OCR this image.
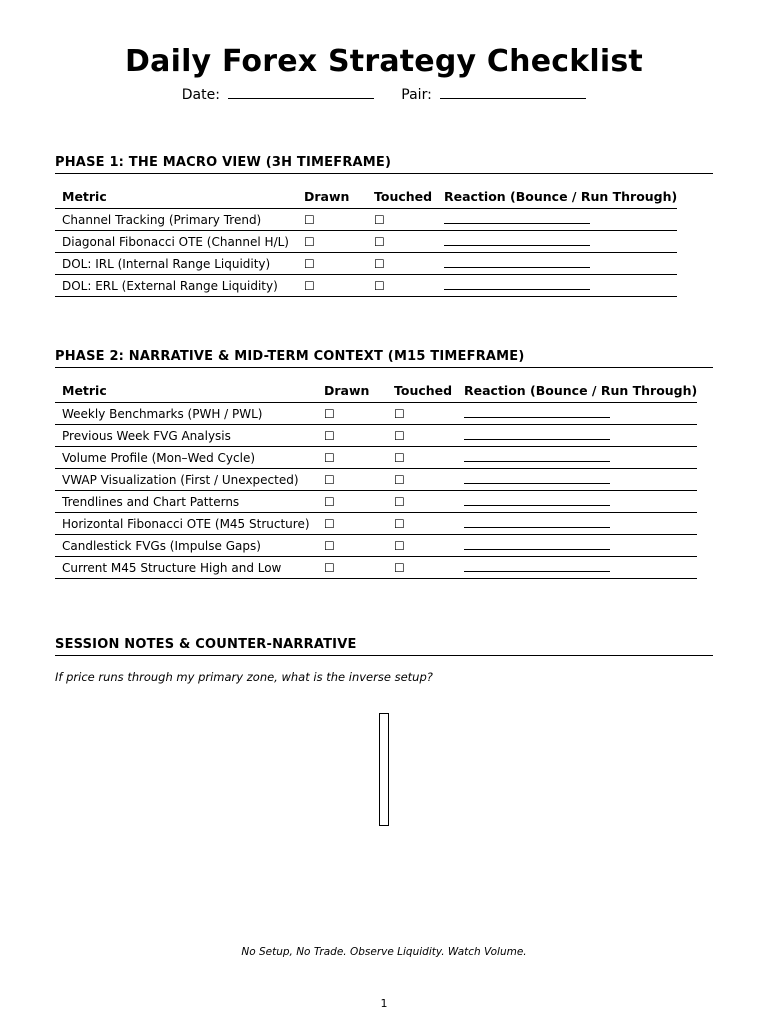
Daily Forex Strategy Checklist
Date:	Pair:
PHASE 1: THE MACRO VIEW (3H TIMEFRAME)
Metric	Drawn	Touched	Reaction (Bounce / Run Through)
Channel Tracking (Primary Trend)	☐	☐	
Diagonal Fibonacci OTE (Channel H/L)	☐	☐	
DOL: IRL (Internal Range Liquidity)	☐	☐	
DOL: ERL (External Range Liquidity)	☐	☐	
PHASE 2: NARRATIVE & MID-TERM CONTEXT (M15 TIMEFRAME)
Metric	Drawn	Touched	Reaction (Bounce / Run Through)
Weekly Benchmarks (PWH / PWL)	☐	☐	
Previous Week FVG Analysis	☐	☐	
Volume Profile (Mon–Wed Cycle)	☐	☐	
VWAP Visualization (First / Unexpected)	☐	☐	
Trendlines and Chart Patterns	☐	☐	
Horizontal Fibonacci OTE (M45 Structure)	☐	☐	
Candlestick FVGs (Impulse Gaps)	☐	☐	
Current M45 Structure High and Low	☐	☐	
SESSION NOTES & COUNTER-NARRATIVE
If price runs through my primary zone, what is the inverse setup?
No Setup, No Trade. Observe Liquidity. Watch Volume.
1
